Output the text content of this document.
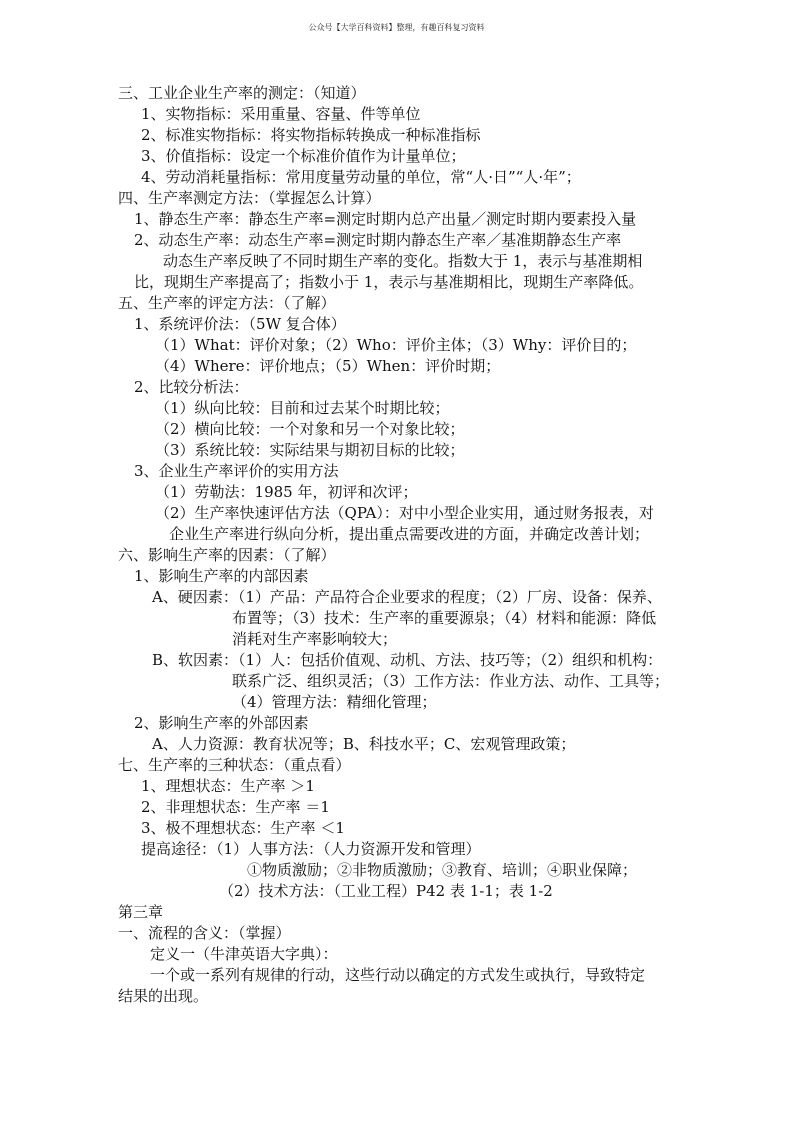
公众号【大学百科资料】整理，有趣百科复习资料
三、工业企业生产率的测定：（知道）
1、实物指标：采用重量、容量、件等单位
2、标准实物指标：将实物指标转换成一种标准指标
3、价值指标：设定一个标准价值作为计量单位；
4、劳动消耗量指标：常用度量劳动量的单位，常“人·日”“人·年”；
四、生产率测定方法：（掌握怎么计算）
1、静态生产率：静态生产率=测定时期内总产出量／测定时期内要素投入量
2、动态生产率：动态生产率=测定时期内静态生产率／基准期静态生产率
动态生产率反映了不同时期生产率的变化。指数大于 1，表示与基准期相
比，现期生产率提高了；指数小于 1，表示与基准期相比，现期生产率降低。
五、生产率的评定方法：（了解）
1、系统评价法：（5W 复合体）
（1）What：评价对象；（2）Who：评价主体；（3）Why：评价目的；
（4）Where：评价地点；（5）When：评价时期；
2、比较分析法：
（1）纵向比较：目前和过去某个时期比较；
（2）横向比较：一个对象和另一个对象比较；
（3）系统比较：实际结果与期初目标的比较；
3、企业生产率评价的实用方法
（1）劳勒法：1985 年，初评和次评；
（2）生产率快速评估方法（QPA）：对中小型企业实用，通过财务报表，对
企业生产率进行纵向分析，提出重点需要改进的方面，并确定改善计划；
六、影响生产率的因素：（了解）
1、影响生产率的内部因素
A、硬因素：（1）产品：产品符合企业要求的程度；（2）厂房、设备：保养、
布置等；（3）技术：生产率的重要源泉；（4）材料和能源：降低
消耗对生产率影响较大；
B、软因素：（1）人：包括价值观、动机、方法、技巧等；（2）组织和机构：
联系广泛、组织灵活；（3）工作方法：作业方法、动作、工具等；
（4）管理方法：精细化管理；
2、影响生产率的外部因素
A、人力资源：教育状况等；B、科技水平；C、宏观管理政策；
七、生产率的三种状态：（重点看）
1、理想状态：生产率 ＞1
2、非理想状态：生产率 ＝1
3、极不理想状态：生产率 ＜1
提高途径：（1）人事方法：（人力资源开发和管理）
①物质激励；②非物质激励；③教育、培训；④职业保障；
（2）技术方法：（工业工程）P42 表 1-1；表 1-2
第三章
一、流程的含义：（掌握）
定义一（牛津英语大字典）：
一个或一系列有规律的行动，这些行动以确定的方式发生或执行，导致特定
结果的出现。
